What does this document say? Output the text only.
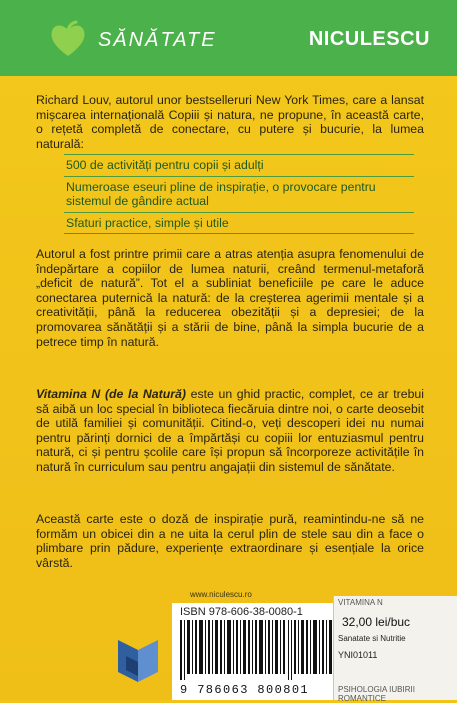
SĂNĂTATE	NICULESCU
Richard Louv, autorul unor bestselleruri New York Times, care a lansat mișcarea internațională Copiii și natura, ne propune, în această carte, o rețetă completă de conectare, cu putere și bucurie, la lumea naturală:
500 de activități pentru copii și adulți
Numeroase eseuri pline de inspirație, o provocare pentru sistemul de gândire actual
Sfaturi practice, simple și utile
Autorul a fost printre primii care a atras atenția asupra fenomenului de îndepărtare a copiilor de lumea naturii, creând termenul-metaforă „deficit de natură”. Tot el a subliniat beneficiile pe care le aduce conectarea puternică la natură: de la creșterea agerimii mentale și a creativității, până la reducerea obezității și a depresiei; de la promovarea sănătății și a stării de bine, până la simpla bucurie de a petrece timp în natură.
Vitamina N (de la Natură) este un ghid practic, complet, ce ar trebui să aibă un loc special în biblioteca fiecăruia dintre noi, o carte deosebit de utilă familiei și comunității. Citind-o, veți descoperi idei nu numai pentru părinți dornici de a împărtăși cu copiii lor entuziasmul pentru natură, ci și pentru școlile care își propun să încorporeze activitățile în natură în curriculum sau pentru angajații din sistemul de sănătate.
Această carte este o doză de inspirație pură, reamintindu-ne să ne formăm un obicei din a ne uita la cerul plin de stele sau din a face o plimbare prin pădure, experiențe extraordinare și esențiale la orice vârstă.
www.niculescu.ro
ISBN 978-606-38-0080-1
9 786063 800801
VITAMINA N
32,00 lei/buc
Sanatate si Nutritie
YNI01011
PSIHOLOGIA IUBIRII ROMANTICE
